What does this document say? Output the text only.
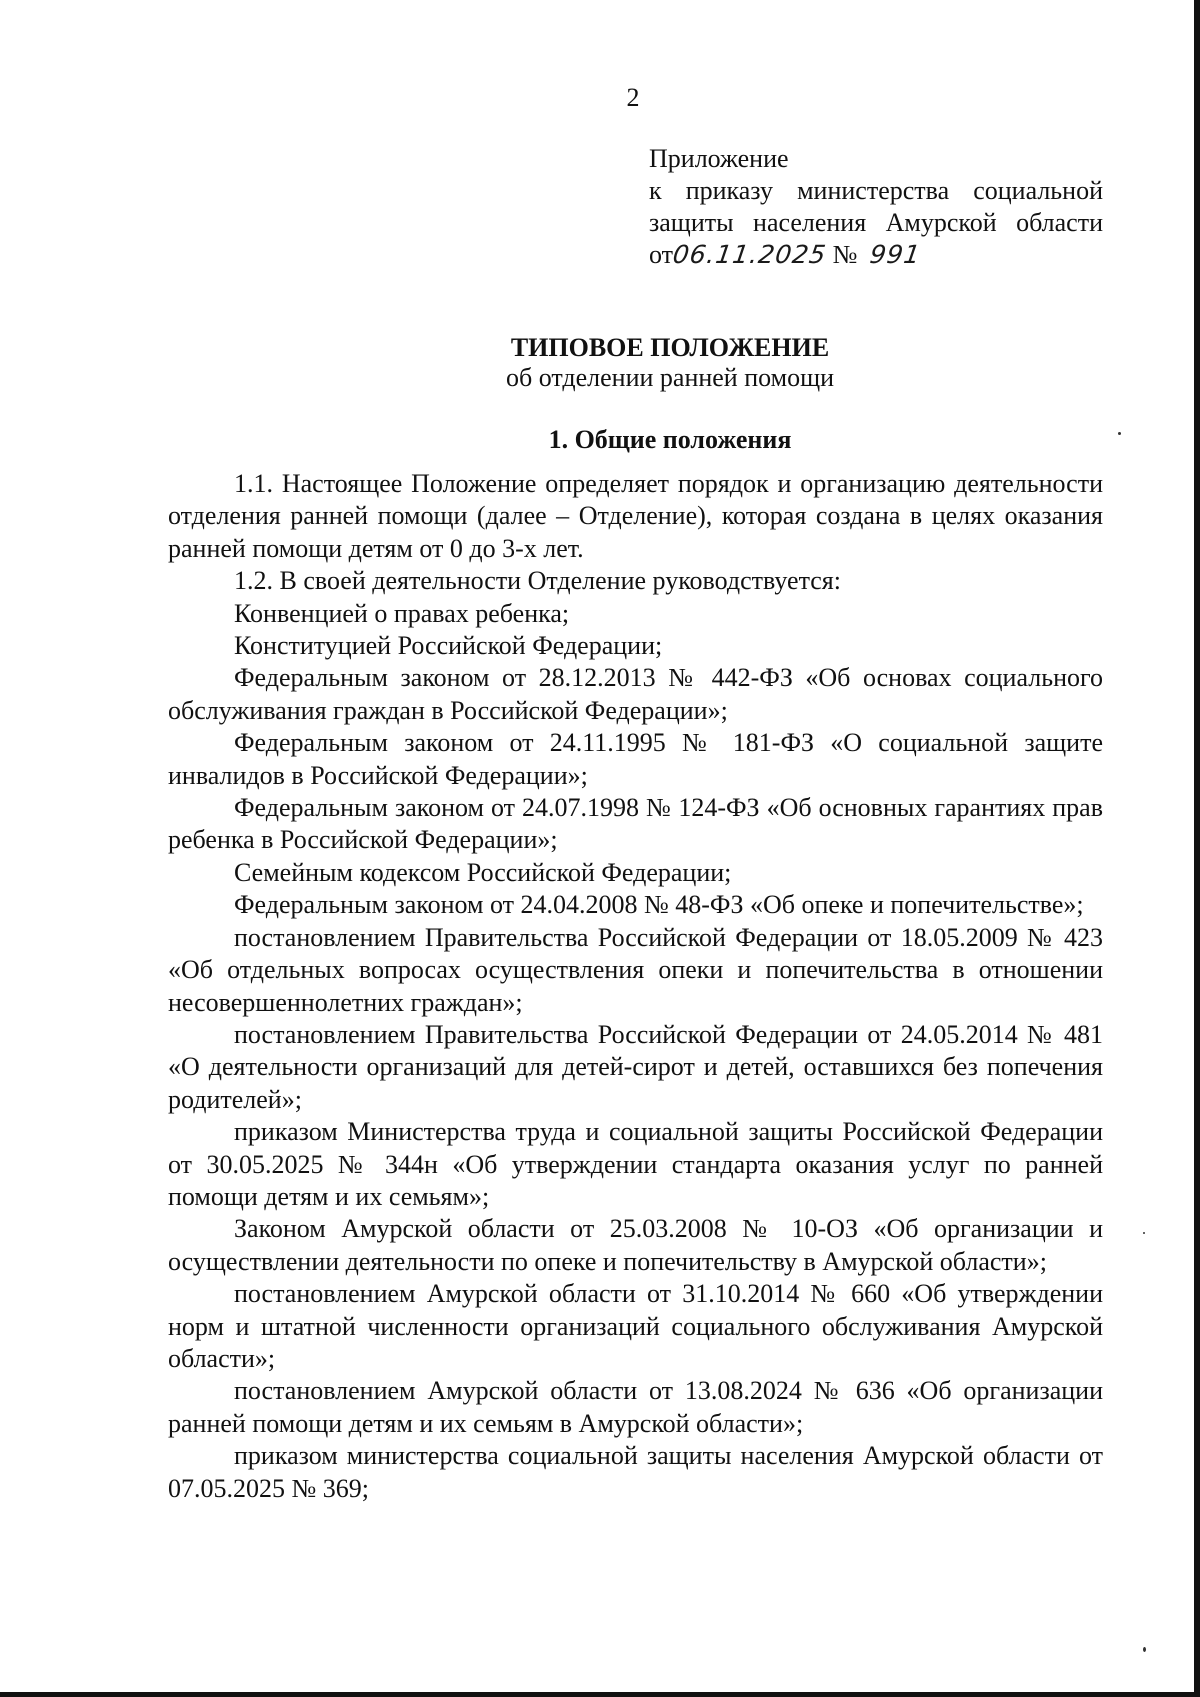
2
Приложение
к приказу министерства социальной
защиты населения Амурской области
от06.11.2025 № 991
ТИПОВОЕ ПОЛОЖЕНИЕ
об отделении ранней помощи
1. Общие положения

1.1. Настоящее Положение определяет порядок и организацию деятельности отделения ранней помощи (далее – Отделение), которая создана в целях оказания ранней помощи детям от 0 до 3-х лет.

1.2. В своей деятельности Отделение руководствуется:

Конвенцией о правах ребенка;

Конституцией Российской Федерации;

Федеральным законом от 28.12.2013 № 442-ФЗ «Об основах социального обслуживания граждан в Российской Федерации»;

Федеральным законом от 24.11.1995 № 181-ФЗ «О социальной защите инвалидов в Российской Федерации»;

Федеральным законом от 24.07.1998 № 124-ФЗ «Об основных гарантиях прав ребенка в Российской Федерации»;

Семейным кодексом Российской Федерации;

Федеральным законом от 24.04.2008 № 48-ФЗ «Об опеке и попечительстве»;

постановлением Правительства Российской Федерации от 18.05.2009 № 423 «Об отдельных вопросах осуществления опеки и попечительства в отношении несовершеннолетних граждан»;

постановлением Правительства Российской Федерации от 24.05.2014 № 481 «О деятельности организаций для детей-сирот и детей, оставшихся без попечения родителей»;

приказом Министерства труда и социальной защиты Российской Федерации от 30.05.2025 № 344н «Об утверждении стандарта оказания услуг по ранней помощи детям и их семьям»;

Законом Амурской области от 25.03.2008 № 10-ОЗ «Об организации и осуществлении деятельности по опеке и попечительству в Амурской области»;

постановлением Амурской области от 31.10.2014 № 660 «Об утверждении норм и штатной численности организаций социального обслуживания Амурской области»;

постановлением Амурской области от 13.08.2024 № 636 «Об организации ранней помощи детям и их семьям в Амурской области»;

приказом министерства социальной защиты населения Амурской области от 07.05.2025 № 369;
